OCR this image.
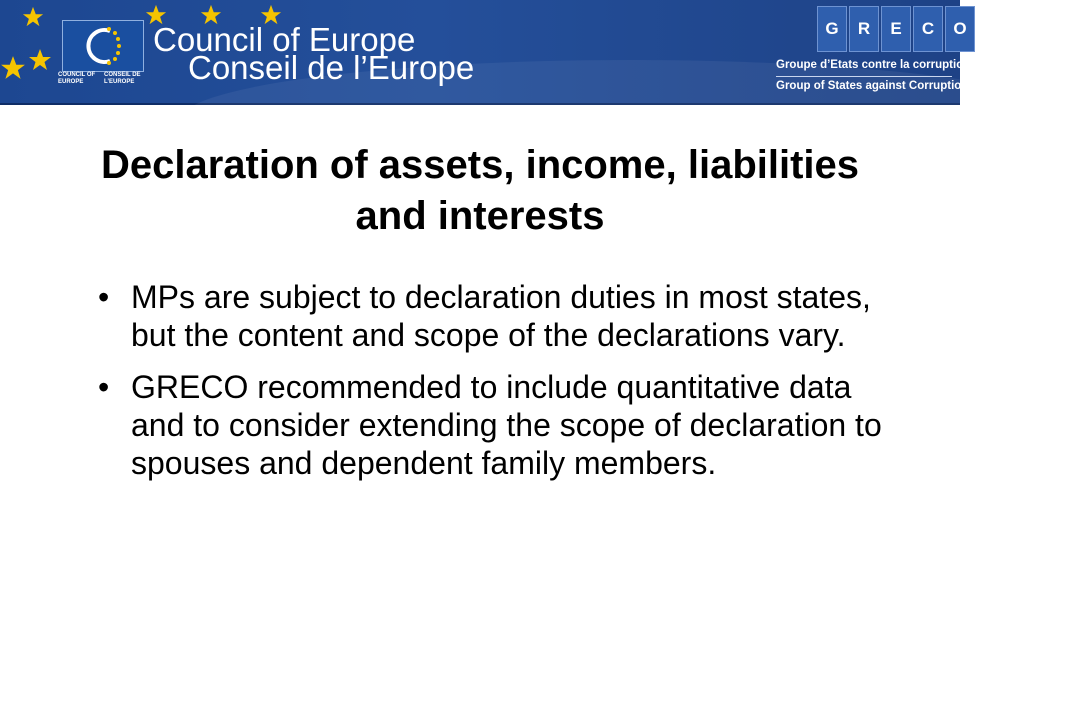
COUNCIL OF EUROPE
CONSEIL DE L’EUROPE
Council of Europe
Conseil de l’Europe
G	R	E	C	O
Groupe d’Etats contre la corruption
Group of States against Corruption
Declaration of assets, income, liabilities and interests
• MPs are subject to declaration duties in most states, but the content and scope of the declarations vary.
• GRECO recommended to include quantitative data and to consider extending the scope of declaration to spouses and dependent family members.
